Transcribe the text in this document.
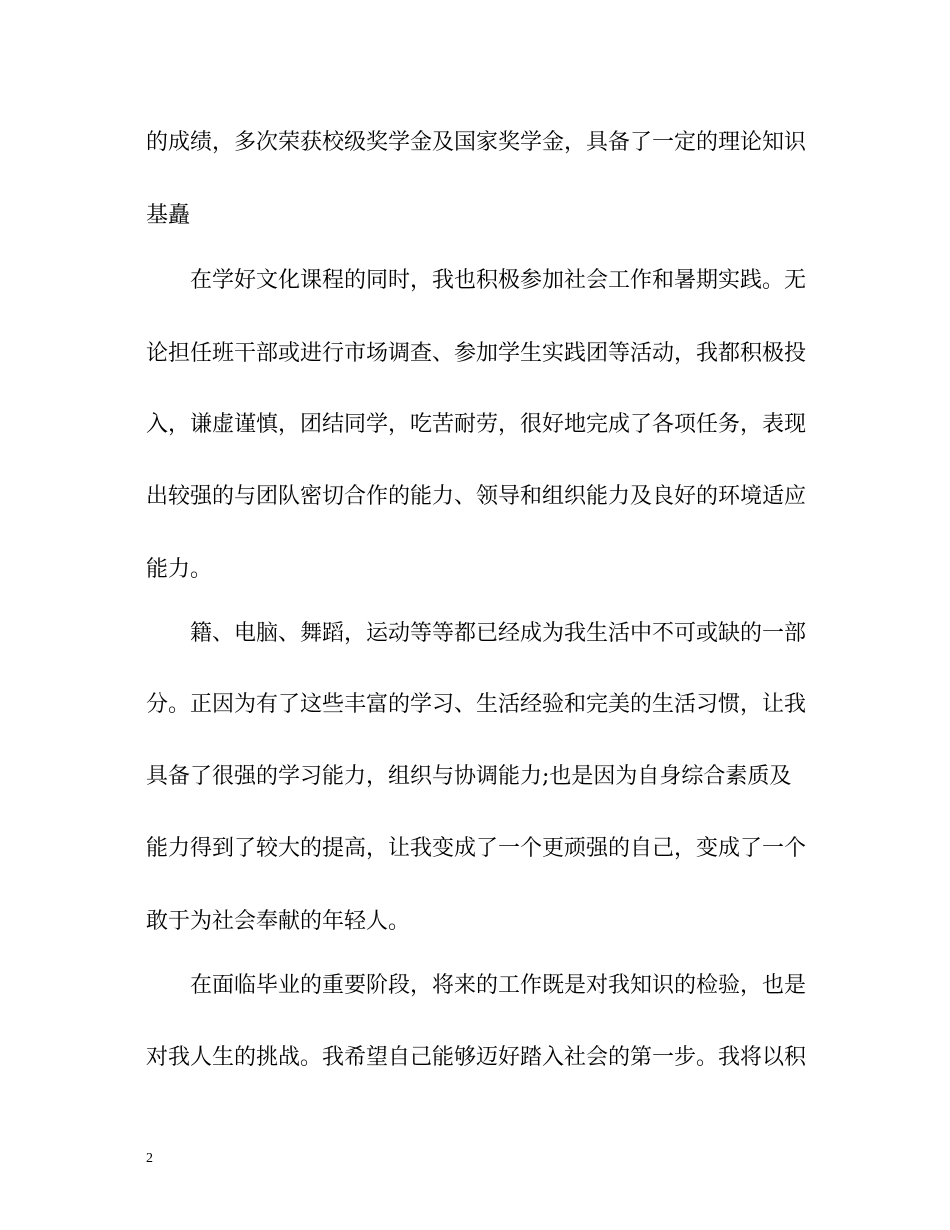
的成绩，多次荣获校级奖学金及国家奖学金，具备了一定的理论知识
基矗
在学好文化课程的同时，我也积极参加社会工作和暑期实践。无
论担任班干部或进行市场调查、参加学生实践团等活动，我都积极投
入，谦虚谨慎，团结同学，吃苦耐劳，很好地完成了各项任务，表现
出较强的与团队密切合作的能力、领导和组织能力及良好的环境适应
能力。
籍、电脑、舞蹈，运动等等都已经成为我生活中不可或缺的一部
分。正因为有了这些丰富的学习、生活经验和完美的生活习惯，让我
具备了很强的学习能力，组织与协调能力;也是因为自身综合素质及
能力得到了较大的提高，让我变成了一个更顽强的自己，变成了一个
敢于为社会奉献的年轻人。
在面临毕业的重要阶段，将来的工作既是对我知识的检验，也是
对我人生的挑战。我希望自己能够迈好踏入社会的第一步。我将以积
2
